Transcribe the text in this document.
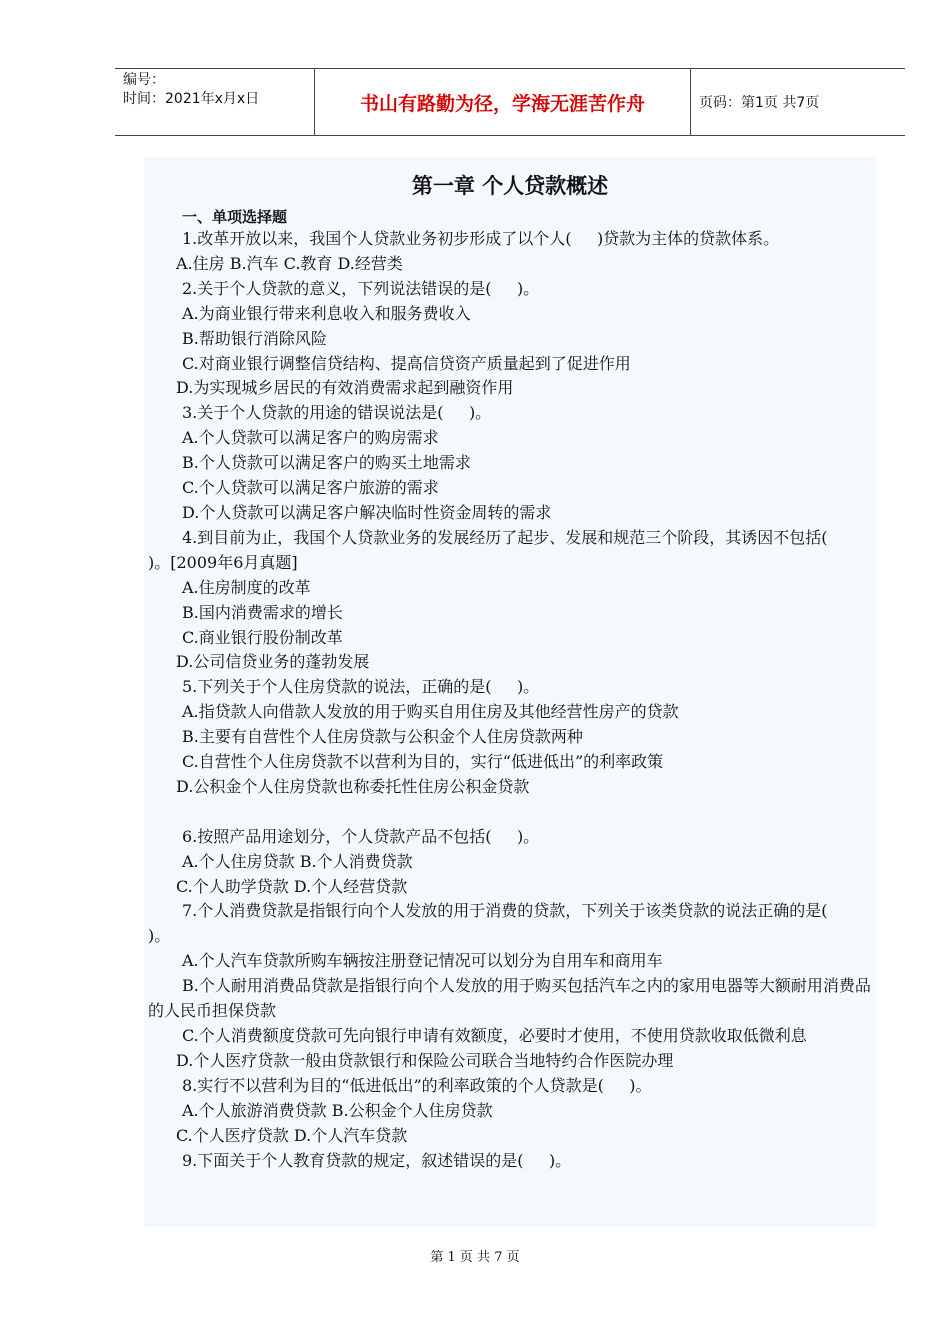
编号：
时间：2021年x月x日	书山有路勤为径，学海无涯苦作舟	页码：第1页 共7页
第一章 个人贷款概述
一、单项选择题
1.改革开放以来，我国个人贷款业务初步形成了以个人(     )贷款为主体的贷款体系。
A.住房 B.汽车 C.教育 D.经营类
2.关于个人贷款的意义，下列说法错误的是(     )。
A.为商业银行带来利息收入和服务费收入
B.帮助银行消除风险
C.对商业银行调整信贷结构、提高信贷资产质量起到了促进作用
D.为实现城乡居民的有效消费需求起到融资作用
3.关于个人贷款的用途的错误说法是(     )。
A.个人贷款可以满足客户的购房需求
B.个人贷款可以满足客户的购买土地需求
C.个人贷款可以满足客户旅游的需求
D.个人贷款可以满足客户解决临时性资金周转的需求
4.到目前为止，我国个人贷款业务的发展经历了起步、发展和规范三个阶段，其诱因不包括(     )。[2009年6月真题]
A.住房制度的改革
B.国内消费需求的增长
C.商业银行股份制改革
D.公司信贷业务的蓬勃发展
5.下列关于个人住房贷款的说法，正确的是(     )。
A.指贷款人向借款人发放的用于购买自用住房及其他经营性房产的贷款
B.主要有自营性个人住房贷款与公积金个人住房贷款两种
C.自营性个人住房贷款不以营利为目的，实行“低进低出”的利率政策
D.公积金个人住房贷款也称委托性住房公积金贷款
6.按照产品用途划分，个人贷款产品不包括(     )。
A.个人住房贷款 B.个人消费贷款
C.个人助学贷款 D.个人经营贷款
7.个人消费贷款是指银行向个人发放的用于消费的贷款，下列关于该类贷款的说法正确的是(     )。
A.个人汽车贷款所购车辆按注册登记情况可以划分为自用车和商用车
B.个人耐用消费品贷款是指银行向个人发放的用于购买包括汽车之内的家用电器等大额耐用消费品的人民币担保贷款
C.个人消费额度贷款可先向银行申请有效额度，必要时才使用，不使用贷款收取低微利息
D.个人医疗贷款一般由贷款银行和保险公司联合当地特约合作医院办理
8.实行不以营利为目的“低进低出”的利率政策的个人贷款是(     )。
A.个人旅游消费贷款 B.公积金个人住房贷款
C.个人医疗贷款 D.个人汽车贷款
9.下面关于个人教育贷款的规定，叙述错误的是(     )。
第 1 页 共 7 页
